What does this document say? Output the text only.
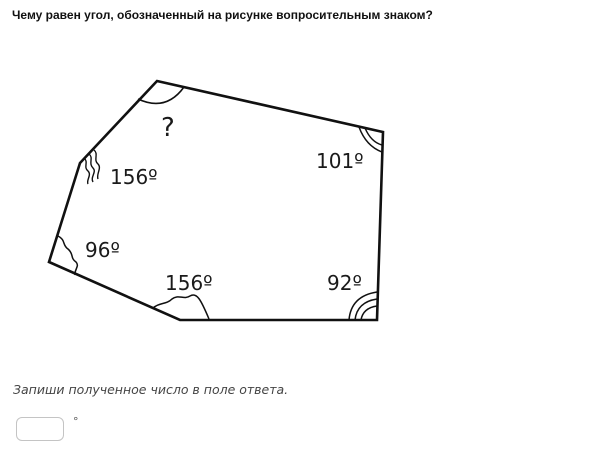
Чему равен угол, обозначенный на рисунке вопросительным знаком?
?
156º
96º
156º	92º
101º
Запиши полученное число в поле ответа.
°
